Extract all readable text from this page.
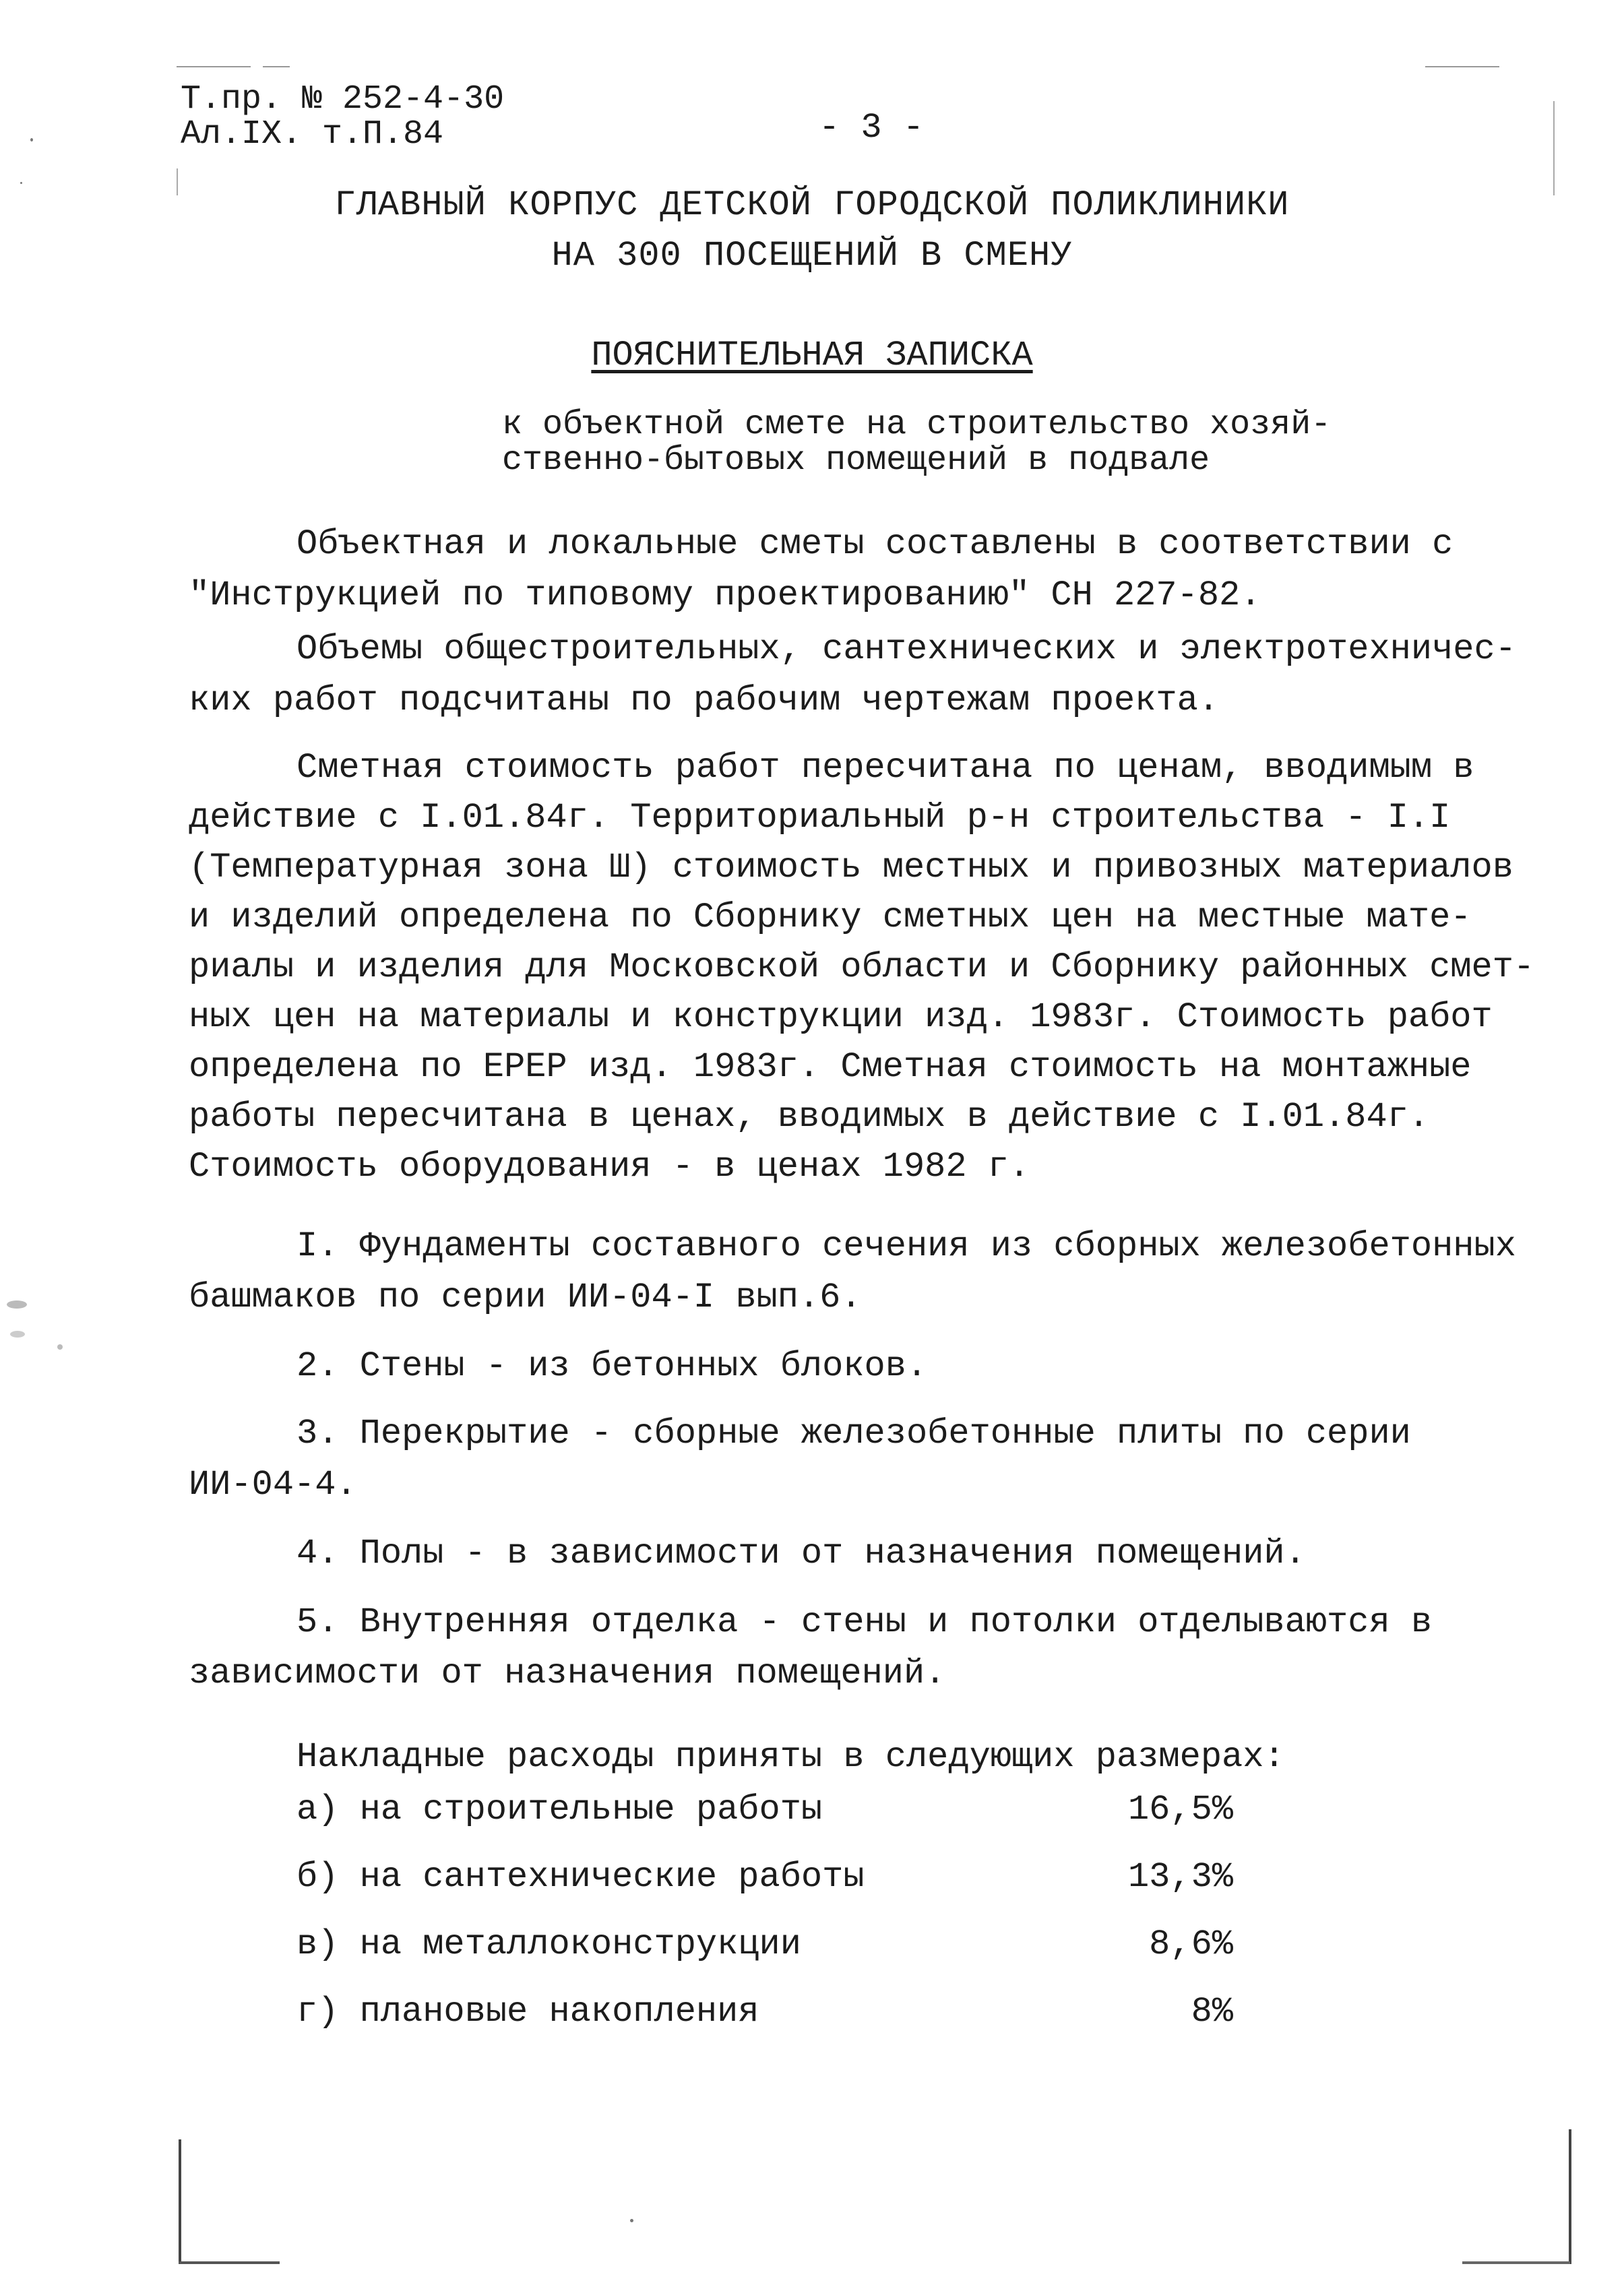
Т.пр. № 252-4-30
Ал.IX. т.П.84	- 3 -
ГЛАВНЫЙ КОРПУС ДЕТСКОЙ ГОРОДСКОЙ ПОЛИКЛИНИКИ
НА 300 ПОСЕЩЕНИЙ В СМЕНУ
ПОЯСНИТЕЛЬНАЯ ЗАПИСКА
к объектной смете на строительство хозяй-
ственно-бытовых помещений в подвале
Объектная и локальные сметы составлены в соответствии с
"Инструкцией по типовому проектированию" СН 227-82.
Объемы общестроительных, сантехнических и электротехничес-
ких работ подсчитаны по рабочим чертежам проекта.
Сметная стоимость работ пересчитана по ценам, вводимым в
действие с I.01.84г. Территориальный р-н строительства - I.I
(Температурная зона Ш) стоимость местных и привозных материалов
и изделий определена по Сборнику сметных цен на местные мате-
риалы и изделия для Московской области и Сборнику районных смет-
ных цен на материалы и конструкции изд. 1983г. Стоимость работ
определена по ЕРЕР изд. 1983г. Сметная стоимость на монтажные
работы пересчитана в ценах, вводимых в действие с I.01.84г.
Стоимость оборудования - в ценах 1982 г.
I. Фундаменты составного сечения из сборных железобетонных
башмаков по серии ИИ-04-I вып.6.
2. Стены - из бетонных блоков.
3. Перекрытие - сборные железобетонные плиты по серии
ИИ-04-4.
4. Полы - в зависимости от назначения помещений.
5. Внутренняя отделка - стены и потолки отделываются в
зависимости от назначения помещений.
Накладные расходы приняты в следующих размерах:
а) на строительные работы	16,5%
б) на сантехнические работы	13,3%
в) на металлоконструкции	8,6%
г) плановые накопления	8%
